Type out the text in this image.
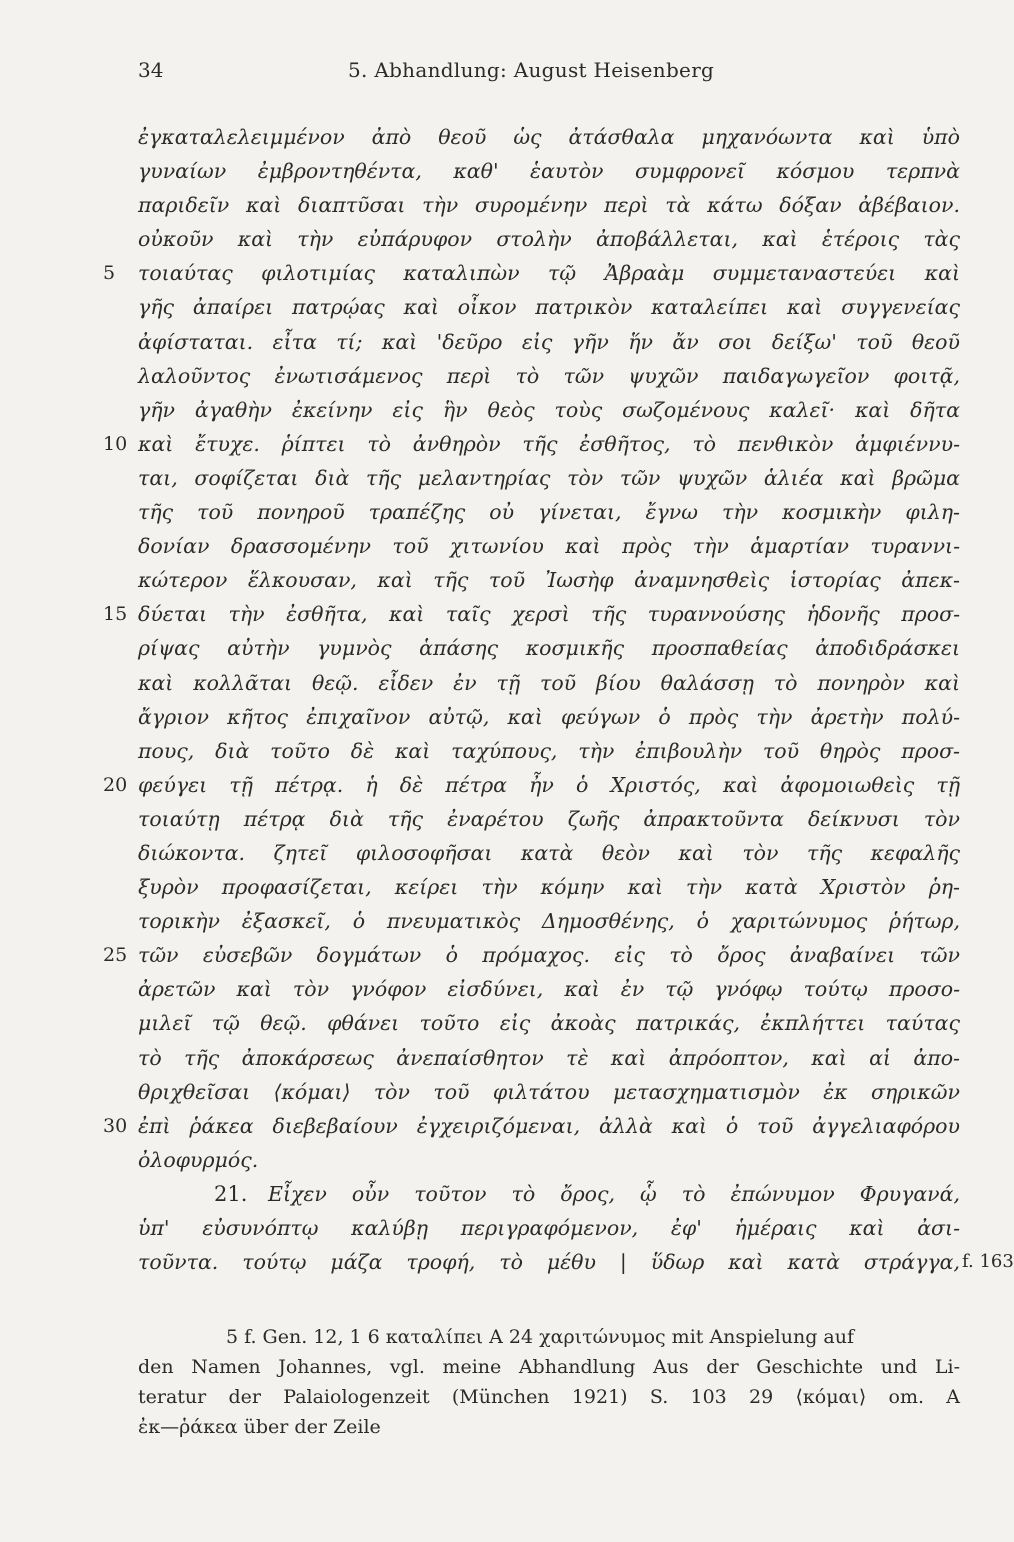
34	5. Abhandlung: August Heisenberg
ἐγκαταλελειμμένον ἀπὸ θεοῦ ὡς ἀτάσθαλα μηχανόωντα καὶ ὑπὸ
γυναίων ἐμβροντηθέντα, καθ' ἑαυτὸν συμφρονεῖ κόσμου τερπνὰ
παριδεῖν καὶ διαπτῦσαι τὴν συρομένην περὶ τὰ κάτω δόξαν ἀβέβαιον.
οὐκοῦν καὶ τὴν εὐπάρυφον στολὴν ἀποβάλλεται, καὶ ἑτέροις τὰς
5	τοιαύτας φιλοτιμίας καταλιπὼν τῷ Ἀβραὰμ συμμεταναστεύει καὶ
γῆς ἀπαίρει πατρῴας καὶ οἶκον πατρικὸν καταλείπει καὶ συγγενείας
ἀφίσταται. εἶτα τί; καὶ 'δεῦρο εἰς γῆν ἥν ἄν σοι δείξω' τοῦ θεοῦ
λαλοῦντος ἐνωτισάμενος περὶ τὸ τῶν ψυχῶν παιδαγωγεῖον φοιτᾷ,
γῆν ἀγαθὴν ἐκείνην εἰς ἣν θεὸς τοὺς σωζομένους καλεῖ· καὶ δῆτα
10 καὶ ἔτυχε. ῥίπτει τὸ ἀνθηρὸν τῆς ἐσθῆτος, τὸ πενθικὸν ἀμφιέννυ-
ται, σοφίζεται διὰ τῆς μελαντηρίας τὸν τῶν ψυχῶν ἁλιέα καὶ βρῶμα
τῆς τοῦ πονηροῦ τραπέζης οὐ γίνεται, ἔγνω τὴν κοσμικὴν φιλη-
δονίαν δρασσομένην τοῦ χιτωνίου καὶ πρὸς τὴν ἁμαρτίαν τυραννι-
κώτερον ἕλκουσαν, καὶ τῆς τοῦ Ἰωσὴφ ἀναμνησθεὶς ἱστορίας ἀπεκ-
15 δύεται τὴν ἐσθῆτα, καὶ ταῖς χερσὶ τῆς τυραννούσης ἡδονῆς προσ-
ρίψας αὐτὴν γυμνὸς ἁπάσης κοσμικῆς προσπαθείας ἀποδιδράσκει
καὶ κολλᾶται θεῷ. εἶδεν ἐν τῇ τοῦ βίου θαλάσσῃ τὸ πονηρὸν καὶ
ἄγριον κῆτος ἐπιχαῖνον αὐτῷ, καὶ φεύγων ὁ πρὸς τὴν ἀρετὴν πολύ-
πους, διὰ τοῦτο δὲ καὶ ταχύπους, τὴν ἐπιβουλὴν τοῦ θηρὸς προσ-
20 φεύγει τῇ πέτρᾳ. ἡ δὲ πέτρα ἦν ὁ Χριστός, καὶ ἀφομοιωθεὶς τῇ
τοιαύτῃ πέτρᾳ διὰ τῆς ἐναρέτου ζωῆς ἀπρακτοῦντα δείκνυσι τὸν
διώκοντα. ζητεῖ φιλοσοφῆσαι κατὰ θεὸν καὶ τὸν τῆς κεφαλῆς
ξυρὸν προφασίζεται, κείρει τὴν κόμην καὶ τὴν κατὰ Χριστὸν ῥη-
τορικὴν ἐξασκεῖ, ὁ πνευματικὸς Δημοσθένης, ὁ χαριτώνυμος ῥήτωρ,
25 τῶν εὐσεβῶν δογμάτων ὁ πρόμαχος. εἰς τὸ ὄρος ἀναβαίνει τῶν
ἀρετῶν καὶ τὸν γνόφον εἰσδύνει, καὶ ἐν τῷ γνόφῳ τούτῳ προσο-
μιλεῖ τῷ θεῷ. φθάνει τοῦτο εἰς ἀκοὰς πατρικάς, ἐκπλήττει ταύτας
τὸ τῆς ἀποκάρσεως ἀνεπαίσθητον τὲ καὶ ἀπρόοπτον, καὶ αἱ ἀπο-
θριχθεῖσαι ⟨κόμαι⟩ τὸν τοῦ φιλτάτου μετασχηματισμὸν ἐκ σηρικῶν
30 ἐπὶ ῥάκεα διεβεβαίουν ἐγχειριζόμεναι, ἀλλὰ καὶ ὁ τοῦ ἀγγελιαφόρου
ὀλοφυρμός.
21. Εἶχεν οὖν τοῦτον τὸ ὄρος, ᾧ τὸ ἐπώνυμον Φρυγανά,
ὑπ' εὐσυνόπτῳ καλύβῃ περιγραφόμενον, ἐφ' ἡμέραις καὶ ἀσι-
τοῦντα. τούτῳ μάζα τροφή, τὸ μέθυ | ὕδωρ καὶ κατὰ στράγγα, f. 163
5 f. Gen. 12, 1 6 καταλίπει A 24 χαριτώνυμος mit Anspielung auf
den Namen Johannes, vgl. meine Abhandlung Aus der Geschichte und Li-
teratur der Palaiologenzeit (München 1921) S. 103 29 ⟨κόμαι⟩ om. A
ἐκ—ῥάκεα über der Zeile
